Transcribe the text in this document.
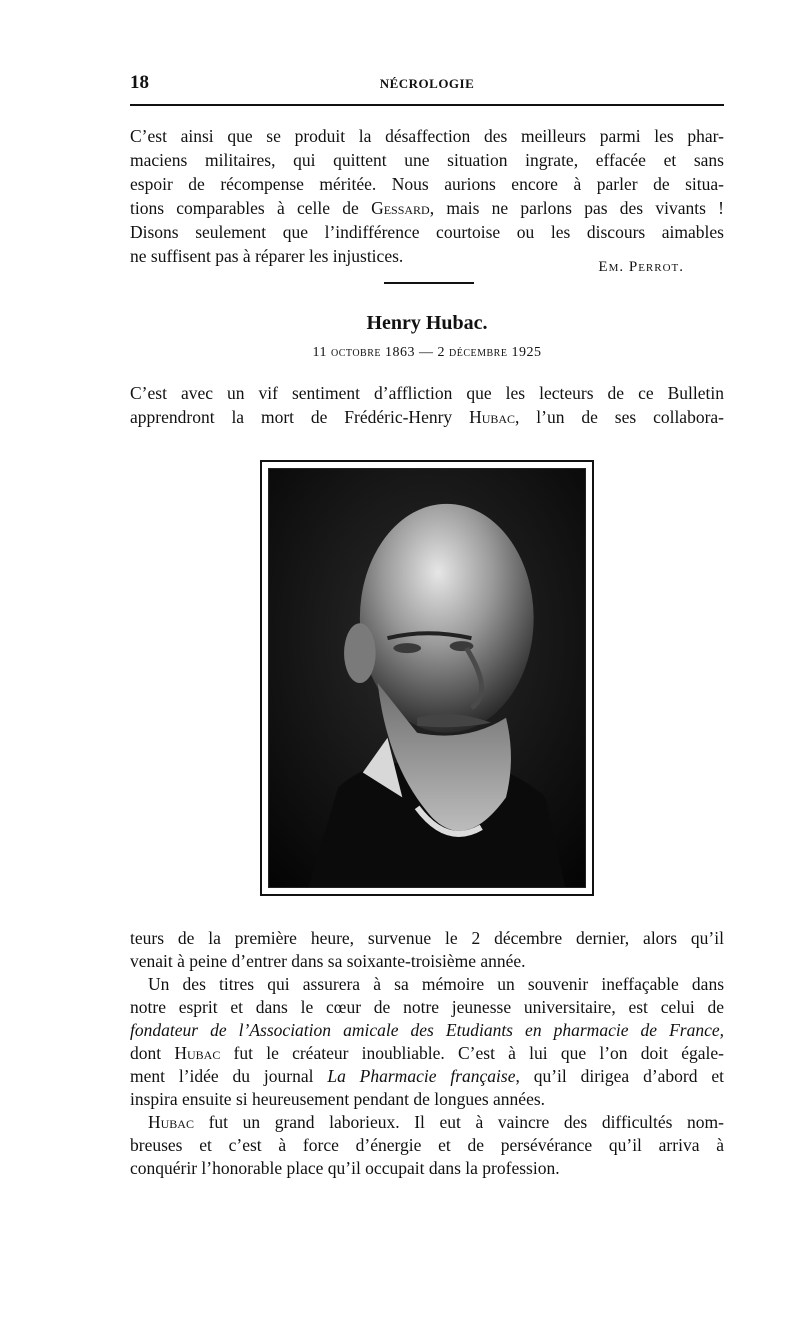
18	NÉCROLOGIE
C’est ainsi que se produit la désaffection des meilleurs parmi les phar-
maciens militaires, qui quittent une situation ingrate, effacée et sans
espoir de récompense méritée. Nous aurions encore à parler de situa-
tions comparables à celle de Gessard, mais ne parlons pas des vivants !
Disons seulement que l’indifférence courtoise ou les discours aimables
ne suffisent pas à réparer les injustices.
Em. Perrot.
Henry Hubac.
11 octobre 1863 — 2 décembre 1925
C’est avec un vif sentiment d’affliction que les lecteurs de ce Bulletin
apprendront la mort de Frédéric-Henry Hubac, l’un de ses collabora-
teurs de la première heure, survenue le 2 décembre dernier, alors qu’il
venait à peine d’entrer dans sa soixante-troisième année.
Un des titres qui assurera à sa mémoire un souvenir ineffaçable dans
notre esprit et dans le cœur de notre jeunesse universitaire, est celui de
fondateur de l’Association amicale des Etudiants en pharmacie de France,
dont Hubac fut le créateur inoubliable. C’est à lui que l’on doit égale-
ment l’idée du journal La Pharmacie française, qu’il dirigea d’abord et
inspira ensuite si heureusement pendant de longues années.
Hubac fut un grand laborieux. Il eut à vaincre des difficultés nom-
breuses et c’est à force d’énergie et de persévérance qu’il arriva à
conquérir l’honorable place qu’il occupait dans la profession.
